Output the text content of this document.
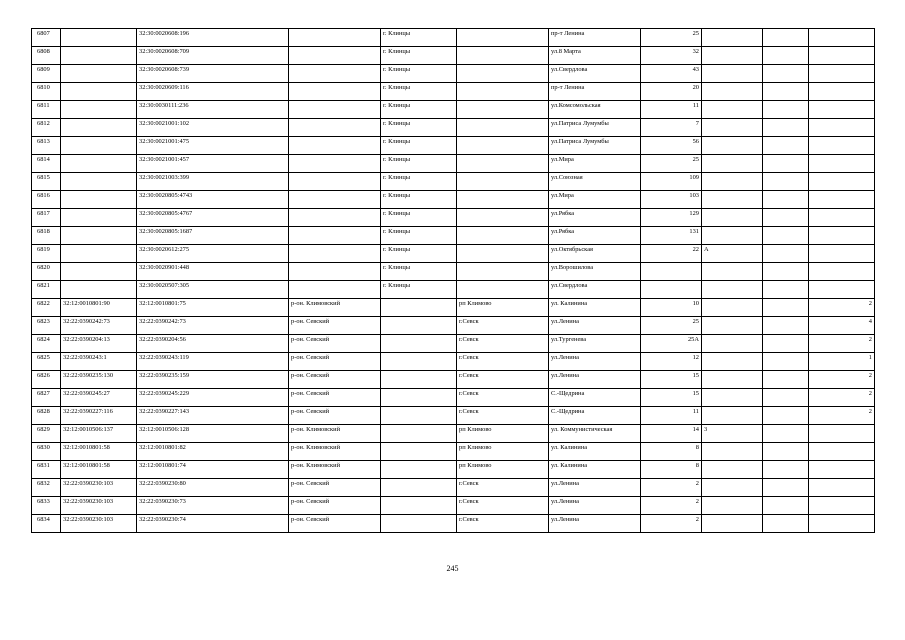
6807		32:30:0020608:196		г. Клинцы		пр-т Ленина	25			
6808		32:30:0020608:709		г. Клинцы		ул.8 Марта	32			
6809		32:30:0020608:739		г. Клинцы		ул.Свердлова	43			
6810		32:30:0020609:116		г. Клинцы		пр-т Ленина	20			
6811		32:30:0030111:236		г. Клинцы		ул.Комсомольская	11			
6812		32:30:0021001:102		г. Клинцы		ул.Патриса Лумумбы	7			
6813		32:30:0021001:475		г. Клинцы		ул.Патриса Лумумбы	56			
6814		32:30:0021001:457		г. Клинцы		ул.Мира	25			
6815		32:30:0021003:399		г. Клинцы		ул.Союзная	109			
6816		32:30:0020805:4743		г. Клинцы		ул.Мира	103			
6817		32:30:0020805:4767		г. Клинцы		ул.Рябка	129			
6818		32:30:0020805:1687		г. Клинцы		ул.Рябка	131			
6819		32:30:0020612:275		г. Клинцы		ул.Октябрьская	22	А		
6820		32:30:0020901:448		г. Клинцы		ул.Ворошилова				
6821		32:30:0020507:305		г. Клинцы		ул.Свердлова				
6822	32:12:0010801:90	32:12:0010801:75	р-он. Климовский		рп Климово	ул. Калинина	10			2
6823	32:22:0390242:73	32:22:0390242:73	р-он. Севский		г.Севск	ул.Ленина	25			4
6824	32:22:0390204:13	32:22:0390204:56	р-он. Севский		г.Севск	ул.Тургенева	25А			2
6825	32:22:0390243:1	32:22:0390243:119	р-он. Севский		г.Севск	ул.Ленина	12			1
6826	32:22:0390235:130	32:22:0390235:159	р-он. Севский		г.Севск	ул.Ленина	15			2
6827	32:22:0390245:27	32:22:0390245:229	р-он. Севский		г.Севск	С.-Щедрина	15			2
6828	32:22:0390227:116	32:22:0390227:143	р-он. Севский		г.Севск	С.-Щедрина	11			2
6829	32:12:0010506:137	32:12:0010506:128	р-он. Климовский		рп Климово	ул. Коммунистическая	14	3		
6830	32:12:0010801:58	32:12:0010801:82	р-он. Климовский		рп Климово	ул. Калинина	8			
6831	32:12:0010801:58	32:12:0010801:74	р-он. Климовский		рп Климово	ул. Калинина	8			
6832	32:22:0390230:103	32:22:0390230:80	р-он. Севский		г.Севск	ул.Ленина	2			
6833	32:22:0390230:103	32:22:0390230:73	р-он. Севский		г.Севск	ул.Ленина	2			
6834	32:22:0390230:103	32:22:0390230:74	р-он. Севский		г.Севск	ул.Ленина	2			
245
